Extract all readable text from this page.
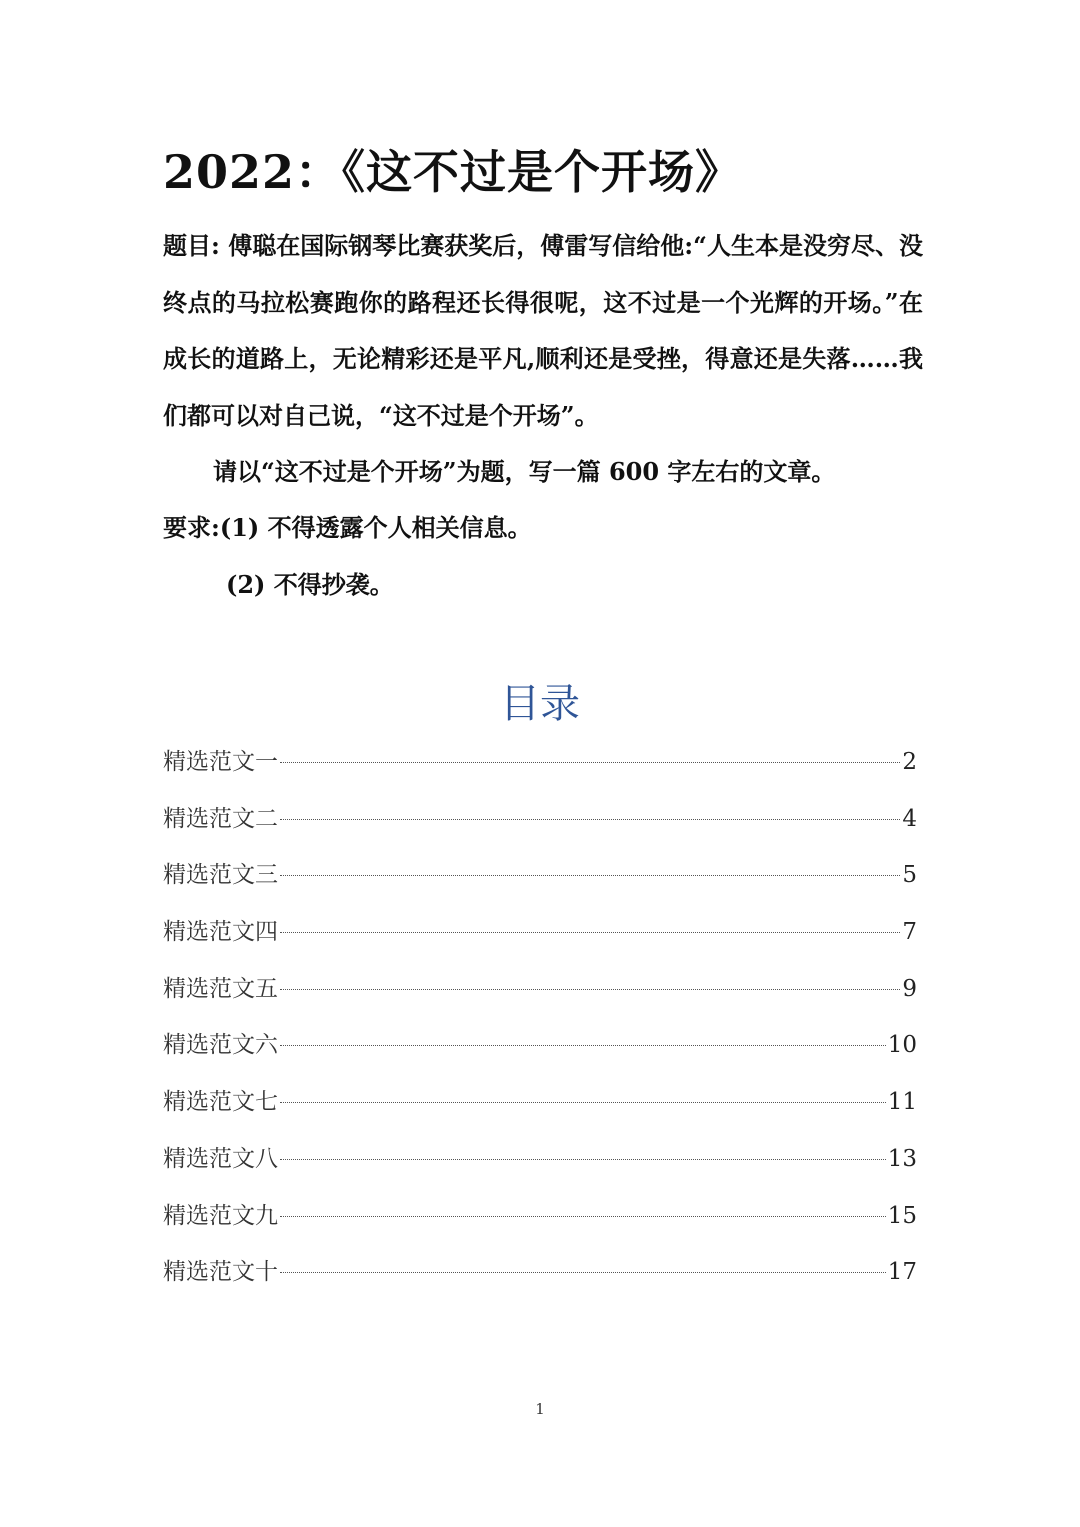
2022：《这不过是个开场》

题目: 傅聪在国际钢琴比赛获奖后，傅雷写信给他:“人生本是没穷尽、没终点的马拉松赛跑你的路程还长得很呢，这不过是一个光辉的开场。”在成长的道路上，无论精彩还是平凡,顺利还是受挫，得意还是失落……我们都可以对自己说，“这不过是个开场”。

请以“这不过是个开场”为题，写一篇 600 字左右的文章。
要求:(1) 不得透露个人相关信息。
(2) 不得抄袭。
目录
精选范文一	2
精选范文二	4
精选范文三	5
精选范文四	7
精选范文五	9
精选范文六	10
精选范文七	11
精选范文八	13
精选范文九	15
精选范文十	17
1
